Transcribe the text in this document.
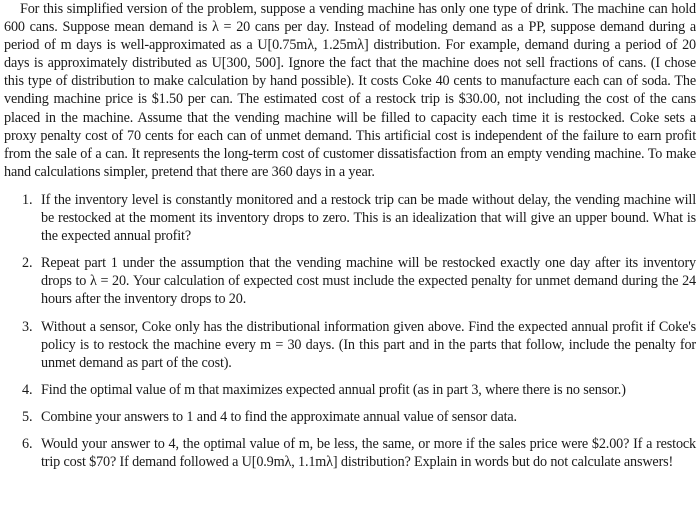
For this simplified version of the problem, suppose a vending machine has only one type of drink. The machine can hold 600 cans. Suppose mean demand is λ = 20 cans per day. Instead of modeling demand as a PP, suppose demand during a period of m days is well-approximated as a U[0.75mλ, 1.25mλ] distribution. For example, demand during a period of 20 days is approximately distributed as U[300, 500]. Ignore the fact that the machine does not sell fractions of cans. (I chose this type of distribution to make calculation by hand possible). It costs Coke 40 cents to manufacture each can of soda. The vending machine price is $1.50 per can. The estimated cost of a restock trip is $30.00, not including the cost of the cans placed in the machine. Assume that the vending machine will be filled to capacity each time it is restocked. Coke sets a proxy penalty cost of 70 cents for each can of unmet demand. This artificial cost is independent of the failure to earn profit from the sale of a can. It represents the long-term cost of customer dissatisfaction from an empty vending machine. To make hand calculations simpler, pretend that there are 360 days in a year.

1. If the inventory level is constantly monitored and a restock trip can be made without delay, the vending machine will be restocked at the moment its inventory drops to zero. This is an idealization that will give an upper bound. What is the expected annual profit?
2. Repeat part 1 under the assumption that the vending machine will be restocked exactly one day after its inventory drops to λ = 20. Your calculation of expected cost must include the expected penalty for unmet demand during the 24 hours after the inventory drops to 20.
3. Without a sensor, Coke only has the distributional information given above. Find the expected annual profit if Coke's policy is to restock the machine every m = 30 days. (In this part and in the parts that follow, include the penalty for unmet demand as part of the cost).
4. Find the optimal value of m that maximizes expected annual profit (as in part 3, where there is no sensor.)
5. Combine your answers to 1 and 4 to find the approximate annual value of sensor data.
6. Would your answer to 4, the optimal value of m, be less, the same, or more if the sales price were $2.00? If a restock trip cost $70? If demand followed a U[0.9mλ, 1.1mλ] distribution? Explain in words but do not calculate answers!
